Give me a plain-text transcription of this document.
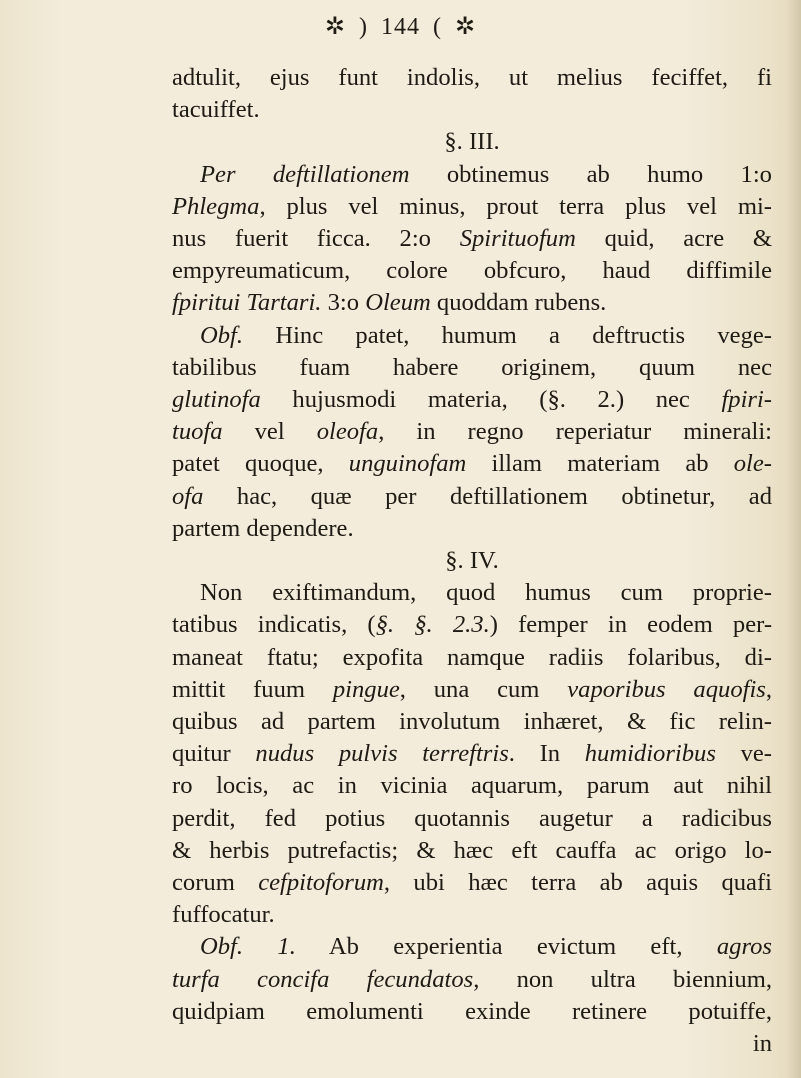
✲ ) 144 ( ✲

adtulit, ejus funt indolis, ut melius feciffet, fi
tacuiffet.

§. III.

Per deftillationem obtinemus ab humo 1:o
Phlegma, plus vel minus, prout terra plus vel mi-
nus fuerit ficca. 2:o Spirituofum quid, acre &
empyreumaticum, colore obfcuro, haud diffimile
fpiritui Tartari. 3:o Oleum quoddam rubens.

Obf. Hinc patet, humum a deftructis vege-
tabilibus fuam habere originem, quum nec
glutinofa hujusmodi materia, (§. 2.) nec fpiri-
tuofa vel oleofa, in regno reperiatur minerali:
patet quoque, unguinofam illam materiam ab ole-
ofa hac, quæ per deftillationem obtinetur, ad
partem dependere.

§. IV.

Non exiftimandum, quod humus cum proprie-
tatibus indicatis, (§. §. 2.3.) femper in eodem per-
maneat ftatu; expofita namque radiis folaribus, di-
mittit fuum pingue, una cum vaporibus aquofis,
quibus ad partem involutum inhæret, & fic relin-
quitur nudus pulvis terreftris. In humidioribus ve-
ro locis, ac in vicinia aquarum, parum aut nihil
perdit, fed potius quotannis augetur a radicibus
& herbis putrefactis; & hæc eft cauffa ac origo lo-
corum cefpitoforum, ubi hæc terra ab aquis quafi
fuffocatur.

Obf. 1. Ab experientia evictum eft, agros
turfa concifa fecundatos, non ultra biennium,
quidpiam emolumenti exinde retinere potuiffe,
in
